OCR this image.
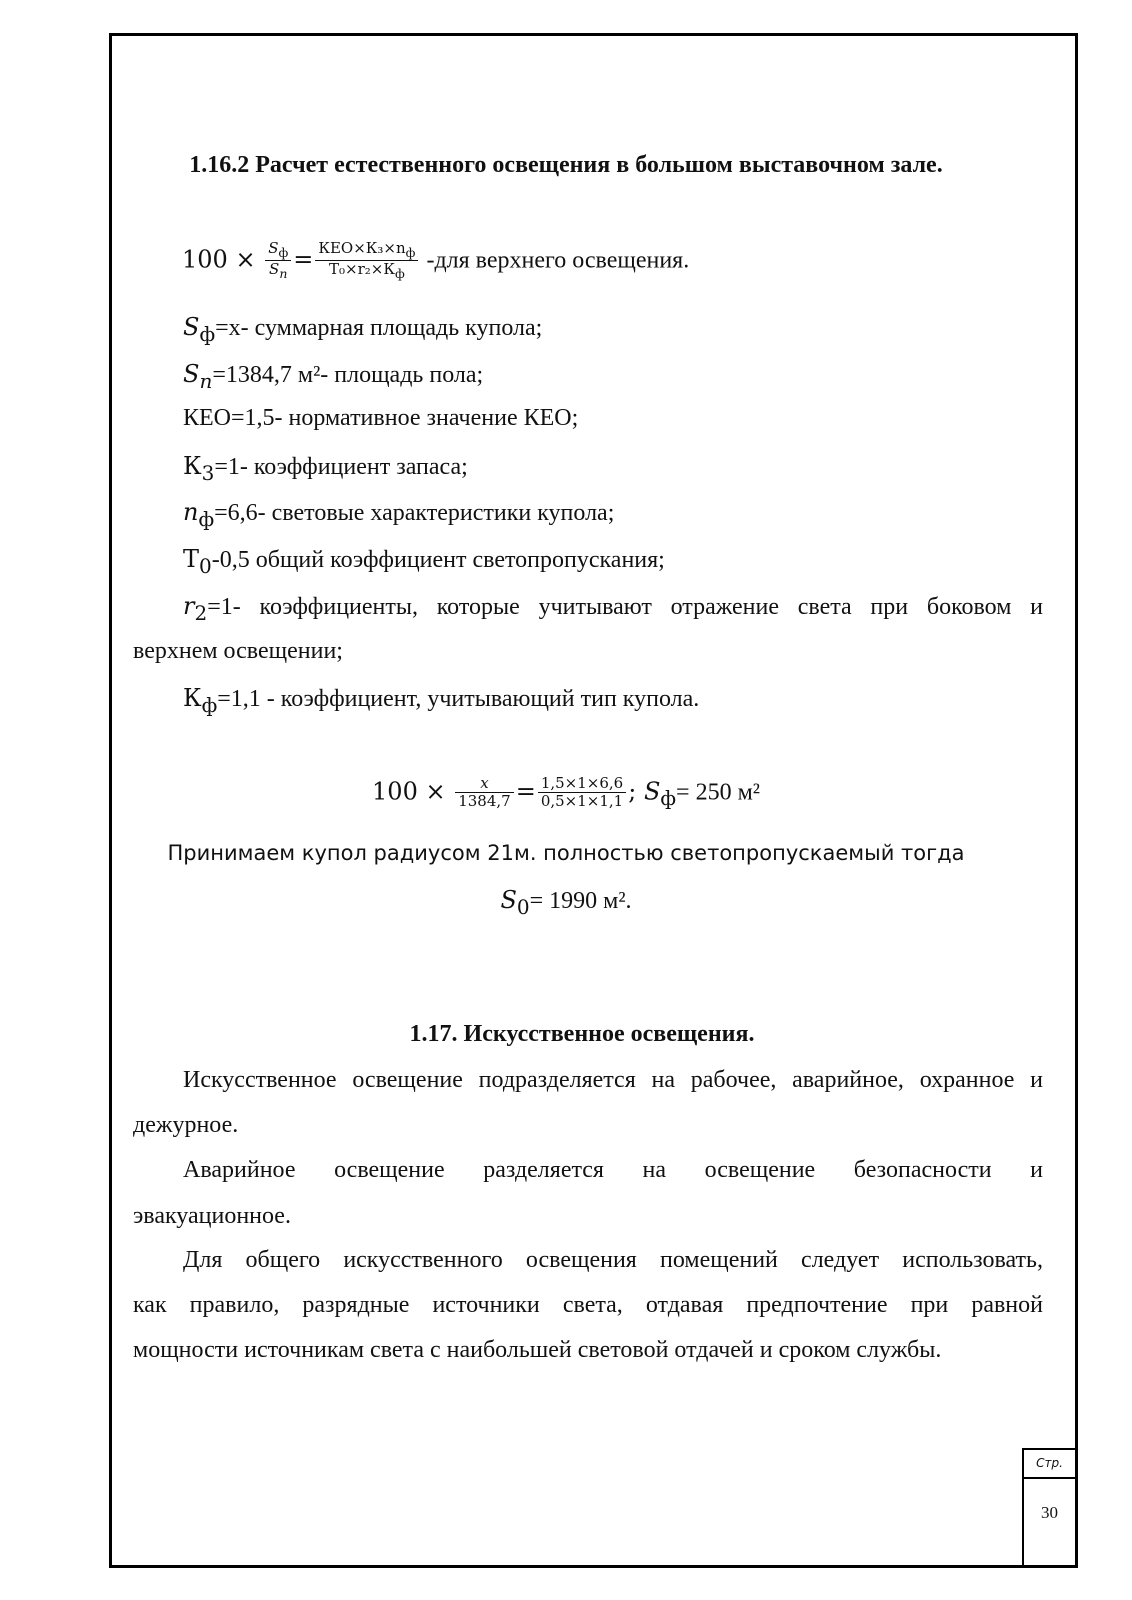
1.16.2 Расчет естественного освещения в большом выставочном зале.
$100 \times \frac{S_ф}{S_n} = \frac{КЕО\times К_3\times n_ф}{Т_0\times r_2\times К_ф} -для$ верхнего освещения.
$S_ф=x-$ суммарная площадь купола;
$S_n=1384,7$ м²- площадь пола;
КЕО=1,5- нормативное значение КЕО;
$К_3=1-$ коэффициент запаса;
$n_ф=6,6-$ световые характеристики купола;
$Т_0-0,5$ общий коэффициент светопропускания;
$r_2=1-$ коэффициенты, которые учитывают отражение света при боковом и
верхнем освещении;
$К_ф=1,1$ - коэффициент, учитывающий тип купола.
$100 \times \frac{x}{1384,7} = \frac{1,5\times 1\times 6,6}{0,5\times 1\times 1,1}$ ; $S_ф= 250$ м²
Принимаем купол радиусом 21м. полностью светопропускаемый тогда
$S_0= 1990$ м².
1.17. Искусственное освещения.
Искусственное освещение подразделяется на рабочее, аварийное, охранное и
дежурное.
Аварийное освещение разделяется на освещение безопасности и
эвакуационное.
Для общего искусственного освещения помещений следует использовать,
как правило, разрядные источники света, отдавая предпочтение при равной
мощности источникам света с наибольшей световой отдачей и сроком службы.
Стр.
30
